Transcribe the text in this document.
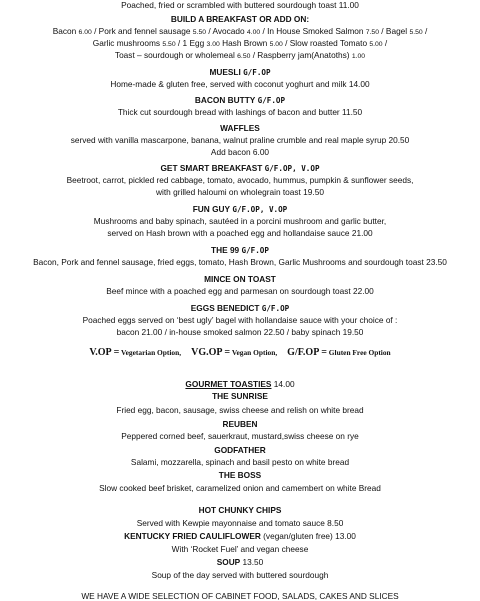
Poached, fried or scrambled with buttered sourdough toast 11.00
BUILD A BREAKFAST OR ADD ON:
Bacon 6.00 / Pork and fennel sausage 5.50 / Avocado 4.00 / In House Smoked Salmon 7.50 / Bagel 5.50 /
Garlic mushrooms 5.50 / 1 Egg 3.00 Hash Brown 5.00 / Slow roasted Tomato 5.00 /
Toast – sourdough or wholemeal 6.50 / Raspberry jam(Anatoths) 1.00
MUESLI G/F.OP
Home-made & gluten free, served with coconut yoghurt and milk 14.00
BACON BUTTY G/F.OP
Thick cut sourdough bread with lashings of bacon and butter 11.50
WAFFLES
served with vanilla mascarpone, banana, walnut praline crumble and real maple syrup 20.50
Add bacon 6.00
GET SMART BREAKFAST G/F.OP, V.OP
Beetroot, carrot, pickled red cabbage, tomato, avocado, hummus, pumpkin & sunflower seeds,
with grilled haloumi on wholegrain toast 19.50
FUN GUY G/F.OP, V.OP
Mushrooms and baby spinach, sautéed in a porcini mushroom and garlic butter,
served on Hash brown with a poached egg and hollandaise sauce 21.00
THE 99 G/F.OP
Bacon, Pork and fennel sausage, fried eggs, tomato, Hash Brown, Garlic Mushrooms and sourdough toast 23.50
MINCE ON TOAST
Beef mince with a poached egg and parmesan on sourdough toast 22.00
EGGS BENEDICT G/F.OP
Poached eggs served on ‘best ugly’ bagel with hollandaise sauce with your choice of :
bacon 21.00 / in-house smoked salmon 22.50 / baby spinach 19.50
V.OP = Vegetarian Option, VG.OP = Vegan Option, G/F.OP = Gluten Free Option
GOURMET TOASTIES 14.00
THE SUNRISE
Fried egg, bacon, sausage, swiss cheese and relish on white bread
REUBEN
Peppered corned beef, sauerkraut, mustard,swiss cheese on rye
GODFATHER
Salami, mozzarella, spinach and basil pesto on white bread
THE BOSS
Slow cooked beef brisket, caramelized onion and camembert on white Bread
HOT CHUNKY CHIPS
Served with Kewpie mayonnaise and tomato sauce 8.50
KENTUCKY FRIED CAULIFLOWER (vegan/gluten free) 13.00
With ‘Rocket Fuel’ and vegan cheese
SOUP 13.50
Soup of the day served with buttered sourdough
WE HAVE A WIDE SELECTION OF CABINET FOOD, SALADS, CAKES AND SLICES
